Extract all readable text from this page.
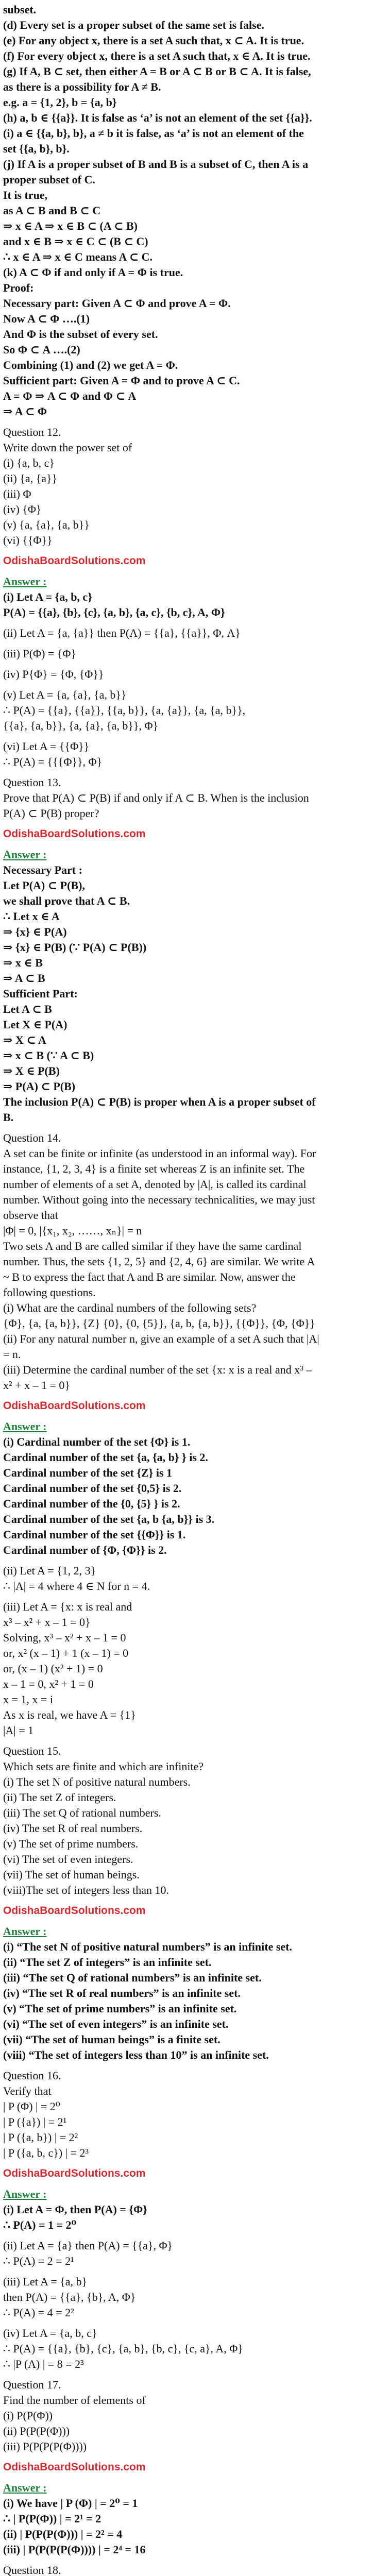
subset.
(d) Every set is a proper subset of the same set is false.
(e) For any object x, there is a set A such that, x ⊂ A. It is true.
(f) For every object x, there is a set A such that, x ∈ A. It is true.
(g) If A, B ⊂ set, then either A = B or A ⊂ B or B ⊂ A. It is false,
as there is a possibility for A ≠ B.
e.g. a = {1, 2}, b = {a, b}
(h) a, b ∈ {{a}}. It is false as ‘a’ is not an element of the set {{a}}.
(i) a ∈ {{a, b}, b}, a ≠ b it is false, as ‘a’ is not an element of the
set {{a, b}, b}.
(j) If A is a proper subset of B and B is a subset of C, then A is a
proper subset of C.
It is true,
as A ⊂ B and B ⊂ C
⇒ x ∈ A ⇒ x ∈ B ⊂ (A ⊂ B)
and x ∈ B ⇒ x ∈ C ⊂ (B ⊂ C)
∴ x ∈ A ⇒ x ∈ C means A ⊂ C.
(k) A ⊂ Φ if and only if A = Φ is true.
Proof:
Necessary part: Given A ⊂ Φ and prove A = Φ.
Now A ⊂ Φ ….(1)
And Φ is the subset of every set.
So Φ ⊂ A ….(2)
Combining (1) and (2) we get A = Φ.
Sufficient part: Given A = Φ and to prove A ⊂ C.
A = Φ ⇒ A ⊂ Φ and Φ ⊂ A
⇒ A ⊂ Φ
Question 12.
Write down the power set of
(i) {a, b, c}
(ii) {a, {a}}
(iii) Φ
(iv) {Φ}
(v) {a, {a}, {a, b}}
(vi) {{Φ}}
OdishaBoardSolutions.com
Answer :
(i) Let A = {a, b, c}
P(A) = {{a}, {b}, {c}, {a, b}, {a, c}, {b, c}, A, Φ}
(ii) Let A = {a, {a}} then P(A) = {{a}, {{a}}, Φ, A}
(iii) P(Φ) = {Φ}
(iv) P{Φ} = {Φ, {Φ}}
(v) Let A = {a, {a}, {a, b}}
∴ P(A) = {{a}, {{a}}, {{a, b}}, {a, {a}}, {a, {a, b}},
{{a}, {a, b}}, {a, {a}, {a, b}}, Φ}
(vi) Let A = {{Φ}}
∴ P(A) = {{{Φ}}, Φ}
Question 13.
Prove that P(A) ⊂ P(B) if and only if A ⊂ B. When is the inclusion
P(A) ⊂ P(B) proper?
OdishaBoardSolutions.com
Answer :
Necessary Part :
Let P(A) ⊂ P(B),
we shall prove that A ⊂ B.
∴ Let x ∈ A
⇒ {x} ∈ P(A)
⇒ {x} ∈ P(B) (∵ P(A) ⊂ P(B))
⇒ x ∈ B
⇒ A ⊂ B
Sufficient Part:
Let A ⊂ B
Let X ∈ P(A)
⇒ X ⊂ A
⇒ x ⊂ B (∵ A ⊂ B)
⇒ X ∈ P(B)
⇒ P(A) ⊂ P(B)
The inclusion P(A) ⊂ P(B) is proper when A is a proper subset of
B.
Question 14.
A set can be finite or infinite (as understood in an informal way). For
instance, {1, 2, 3, 4} is a finite set whereas Z is an infinite set. The
number of elements of a set A, denoted by |A|, is called its cardinal
number. Without going into the necessary technicalities, we may just
observe that
|Φ| = 0, |{x₁, x₂, ……, xₙ}| = n
Two sets A and B are called similar if they have the same cardinal
number. Thus, the sets {1, 2, 5} and {2, 4, 6} are similar. We write A
~ B to express the fact that A and B are similar. Now, answer the
following questions.
(i) What are the cardinal numbers of the following sets?
{Φ}, {a, {a, b}}, {Z} {0}, {0, {5}}, {a, b, {a, b}}, {{Φ}}, {Φ, {Φ}}
(ii) For any natural number n, give an example of a set A such that |A|
= n.
(iii) Determine the cardinal number of the set {x: x is a real and x³ –
x² + x – 1 = 0}
OdishaBoardSolutions.com
Answer :
(i) Cardinal number of the set {Φ} is 1.
Cardinal number of the set {a, {a, b} } is 2.
Cardinal number of the set {Z} is 1
Cardinal number of the set {0,5} is 2.
Cardinal number of the {0, {5} } is 2.
Cardinal number of the set {a, b {a, b}} is 3.
Cardinal number of the set {{Φ}} is 1.
Cardinal number of {Φ, {Φ}} is 2.
(ii) Let A = {1, 2, 3}
∴ |A| = 4 where 4 ∈ N for n = 4.
(iii) Let A = {x: x is real and
x³ – x² + x – 1 = 0}
Solving, x³ – x² + x – 1 = 0
or, x² (x – 1) + 1 (x – 1) = 0
or, (x – 1) (x² + 1) = 0
x – 1 = 0, x² + 1 = 0
x = 1, x = i
As x is real, we have A = {1}
|A| = 1
Question 15.
Which sets are finite and which are infinite?
(i) The set N of positive natural numbers.
(ii) The set Z of integers.
(iii) The set Q of rational numbers.
(iv) The set R of real numbers.
(v) The set of prime numbers.
(vi) The set of even integers.
(vii) The set of human beings.
(viii)The set of integers less than 10.
OdishaBoardSolutions.com
Answer :
(i) “The set N of positive natural numbers” is an infinite set.
(ii) “The set Z of integers” is an infinite set.
(iii) “The set Q of rational numbers” is an infinite set.
(iv) “The set R of real numbers” is an infinite set.
(v) “The set of prime numbers” is an infinite set.
(vi) “The set of even integers” is an infinite set.
(vii) “The set of human beings” is a finite set.
(viii) “The set of integers less than 10” is an infinite set.
Question 16.
Verify that
| P (Φ) | = 2⁰
| P ({a}) | = 2¹
| P ({a, b}) | = 2²
| P ({a, b, c}) | = 2³
OdishaBoardSolutions.com
Answer :
(i) Let A = Φ, then P(A) = {Φ}
∴ P(A) = 1 = 2⁰
(ii) Let A = {a} then P(A) = {{a}, Φ}
∴ P(A) = 2 = 2¹
(iii) Let A = {a, b}
then P(A) = {{a}, {b}, A, Φ}
∴ P(A) = 4 = 2²
(iv) Let A = {a, b, c}
∴ P(A) = {{a}, {b}, {c}, {a, b}, {b, c}, {c, a}, A, Φ}
∴ |P (A) | = 8 = 2³
Question 17.
Find the number of elements of
(i) P(P(Φ))
(ii) P(P(P(Φ)))
(iii) P(P(P(P(Φ))))
OdishaBoardSolutions.com
Answer :
(i) We have | P (Φ) | = 2⁰ = 1
∴ | P(P(Φ)) | = 2¹ = 2
(ii) | P(P(P(Φ))) | = 2² = 4
(iii) | P(P(P(P(Φ)))) | = 2⁴ = 16
Question 18.
